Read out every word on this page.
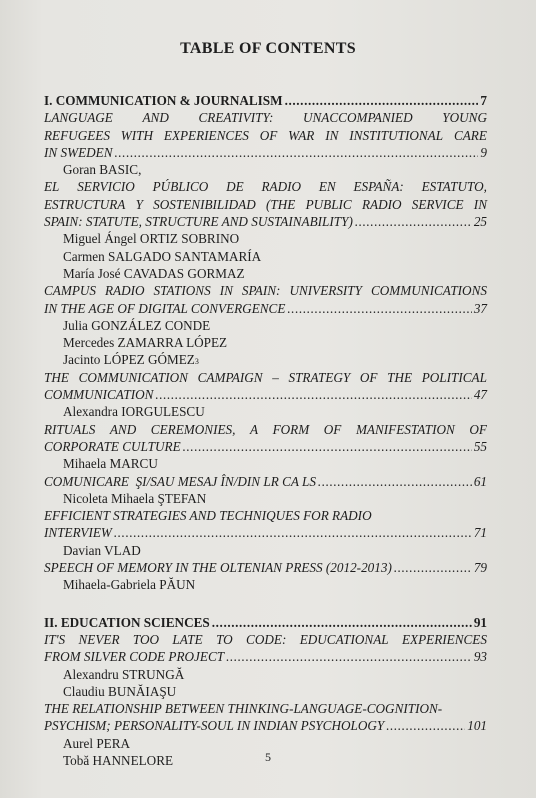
TABLE OF CONTENTS
I. COMMUNICATION & JOURNALISM .....	7
LANGUAGE AND CREATIVITY: UNACCOMPANIED YOUNG
REFUGEES WITH EXPERIENCES OF WAR IN INSTITUTIONAL CARE
IN SWEDEN .....	9
Goran BASIC,
EL SERVICIO PÚBLICO DE RADIO EN ESPAÑA: ESTATUTO,
ESTRUCTURA Y SOSTENIBILIDAD (THE PUBLIC RADIO SERVICE IN
SPAIN: STATUTE, STRUCTURE AND SUSTAINABILITY) .....	25
Miguel Ángel ORTIZ SOBRINO
Carmen SALGADO SANTAMARÍA
María José CAVADAS GORMAZ
CAMPUS RADIO STATIONS IN SPAIN: UNIVERSITY COMMUNICATIONS
IN THE AGE OF DIGITAL CONVERGENCE .....	37
Julia GONZÁLEZ CONDE
Mercedes ZAMARRA LÓPEZ
Jacinto LÓPEZ GÓMEZ 3
THE COMMUNICATION CAMPAIGN – STRATEGY OF THE POLITICAL
COMMUNICATION .....	47
Alexandra IORGULESCU
RITUALS AND CEREMONIES, A FORM OF MANIFESTATION OF
CORPORATE CULTURE .....	55
Mihaela MARCU
COMUNICARE  ŞI/SAU MESAJ ÎN/DIN LR CA LS .....	61
Nicoleta Mihaela ŞTEFAN
EFFICIENT STRATEGIES AND TECHNIQUES FOR RADIO
INTERVIEW .....	71
Davian VLAD
SPEECH OF MEMORY IN THE OLTENIAN PRESS (2012-2013) .....	79
Mihaela-Gabriela PĂUN
II. EDUCATION SCIENCES .....	91
IT'S NEVER TOO LATE TO CODE: EDUCATIONAL EXPERIENCES
FROM SILVER CODE PROJECT .....	93
Alexandru STRUNGĂ
Claudiu BUNĂIAŞU
THE RELATIONSHIP BETWEEN THINKING-LANGUAGE-COGNITION-
PSYCHISM; PERSONALITY-SOUL IN INDIAN PSYCHOLOGY .....	101
Aurel PERA
Tobă HANNELORE	5
